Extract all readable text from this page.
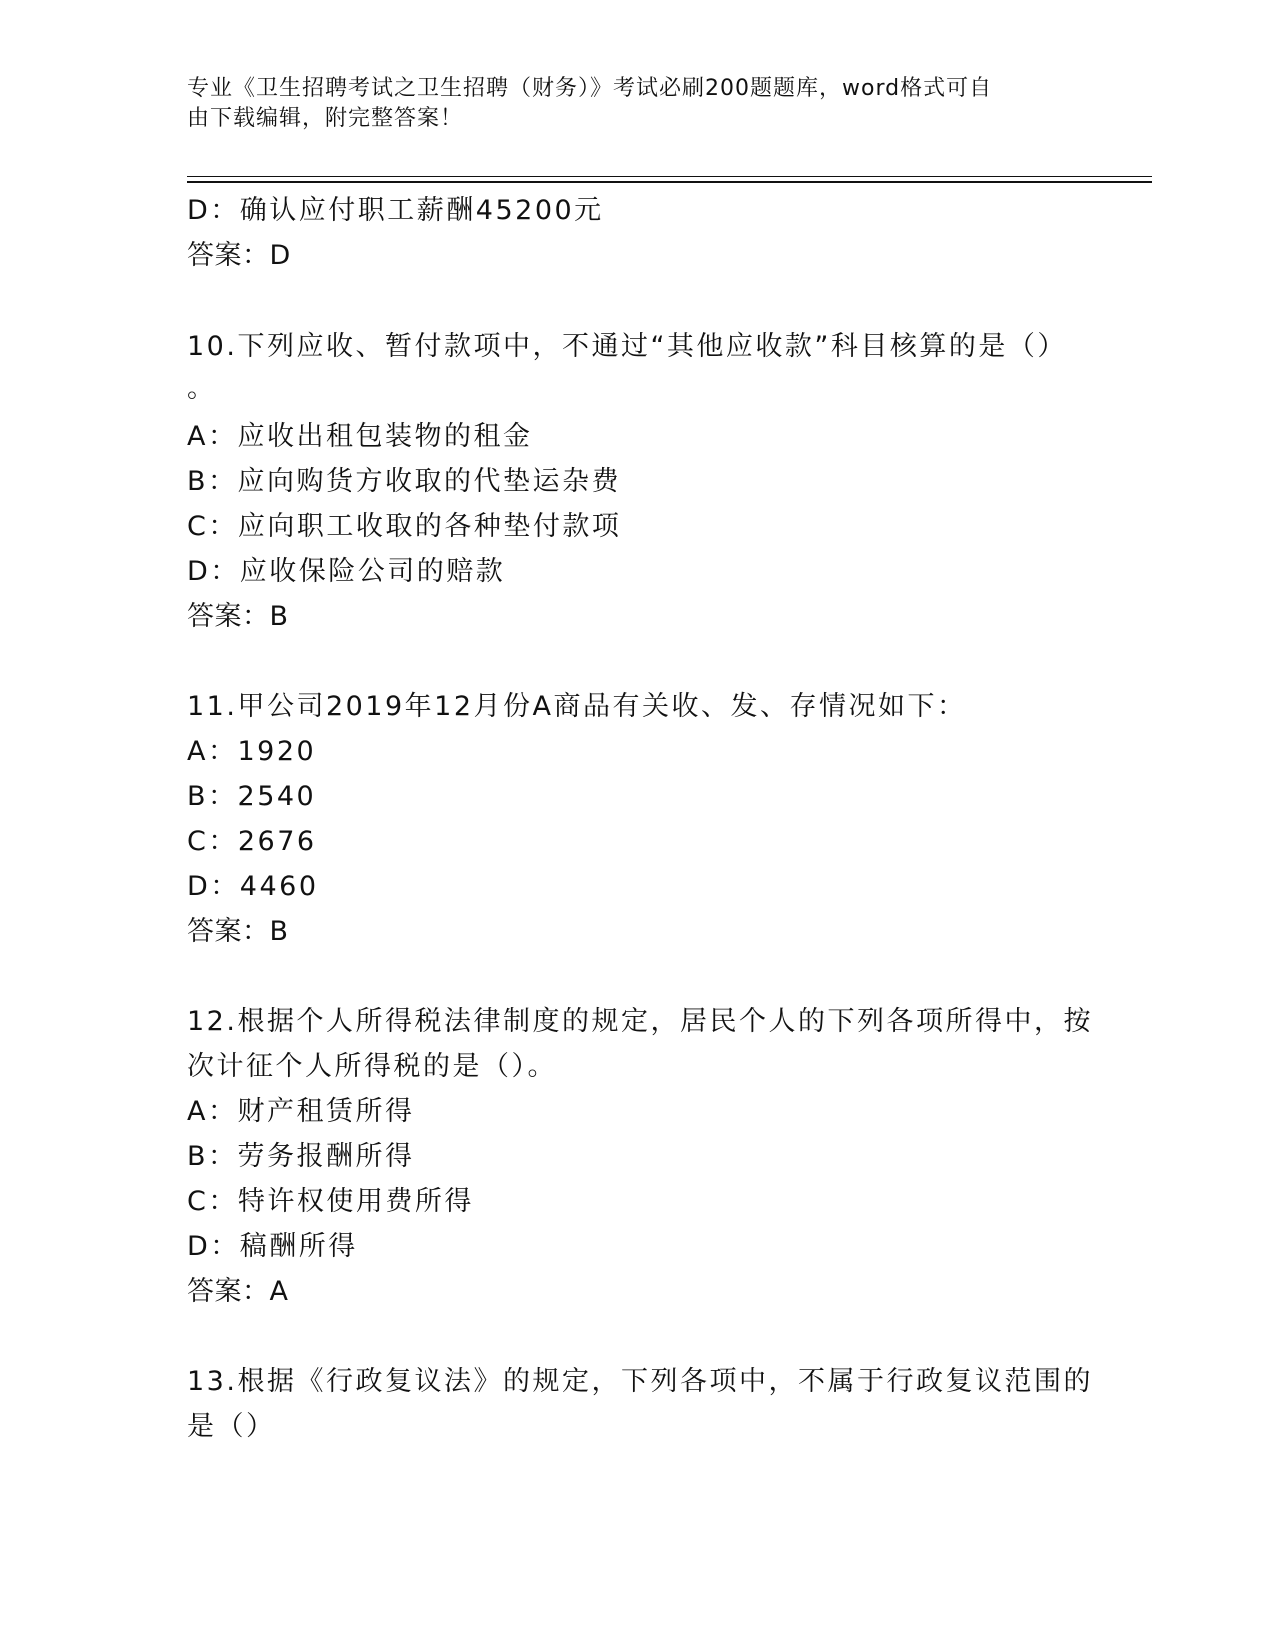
专业《卫生招聘考试之卫生招聘（财务）》考试必刷200题题库，word格式可自
由下载编辑，附完整答案！

D：确认应付职工薪酬45200元

答案：D

10.下列应收、暂付款项中，不通过“其他应收款”科目核算的是（）

。

A：应收出租包装物的租金

B：应向购货方收取的代垫运杂费

C：应向职工收取的各种垫付款项

D：应收保险公司的赔款

答案：B

11.甲公司2019年12月份A商品有关收、发、存情况如下：

A：1920

B：2540

C：2676

D：4460

答案：B

12.根据个人所得税法律制度的规定，居民个人的下列各项所得中，按

次计征个人所得税的是（）。

A：财产租赁所得

B：劳务报酬所得

C：特许权使用费所得

D：稿酬所得

答案：A

13.根据《行政复议法》的规定，下列各项中，不属于行政复议范围的

是（）
